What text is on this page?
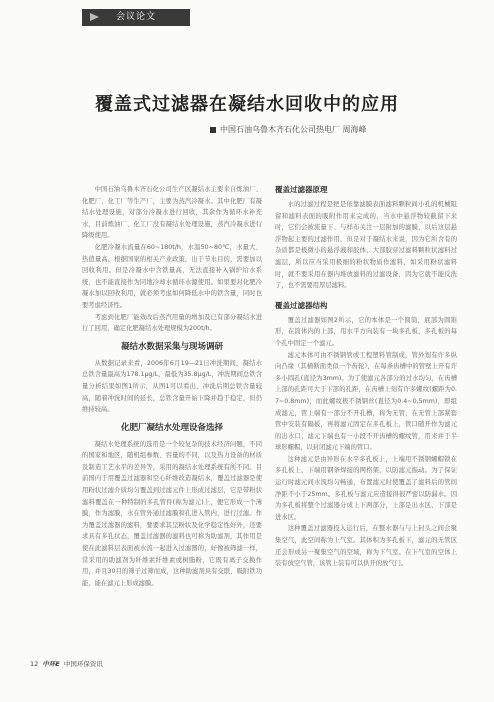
会议论文
覆盖式过滤器在凝结水回收中的应用
中国石油乌鲁木齐石化公司热电厂 周海峰

中国石油乌鲁木齐石化公司生产区凝结水主要来自炼油厂、化肥厂、化工厂等生产厂，主要为蒸汽冷凝水。其中化肥厂有凝结水处理设施，对部分冷凝水进行回收，其余作为循环水补充水，目前炼油厂、化工厂没有凝结水处理设施，蒸汽冷凝水进行降级使用。

化肥冷凝水流量在60~180t/h，水温50~80℃，水量大、热值量高。根据国家的相关产业政策，出于节水目的，需要加以回收利用。但是冷凝水中含铁量高，无法直接补入锅炉给水系统，也不能直接作为同地冷却水循环水源使用。如果要对化肥冷凝水加以回收利用，就必须考虑如何降低水中的铁含量，同时也要考虑经济性。

考虑到化肥厂能效改后蒸汽用量的增加及已有部分凝结水进行了回用，确定化肥凝结水处理规模为200t/h。

凝结水数据采集与现场调研

从数据记录来看，2006年6月19—21日冲洗期间，凝结水总铁含量最高为178.1μg/L，最低为35.8μg/L，冲洗期间总铁含量分析结果如图1所示，从图1可以看出，冲洗后期总铁含量较高，随着冲洗时间的延长，总铁含量开始下降并趋于稳定，但仍维持较高。

化肥厂凝结水处理设备选择

凝结水处理系统的选用是一个较复杂的技术经济问题，不同的国家和地区，随机组参数、容量的不同，以及热力设备的材质及制造工艺水平的差异等，采用的凝结水处理系统有所不同。目前国内于用覆盖过滤器和空心纤维改造凝结水，覆盖过滤器是使用粉状过滤介质均匀覆盖到过滤元件上形成过滤层，它是带粉状滤料覆盖在一种特制的多孔管件(称为滤元)上，便它形成一个薄膜，作为滤膜，水在管外通过滤膜和孔进入管内，进行过滤。作为覆盖过滤器的滤料，要要求其呈粉状及化学稳定性好外，还要求具有多孔状态，覆盖过滤器的滤料也可称为助滤剂，其作用是使在此滤料层表面被水流一起进入过滤器的，好像被筛滤一样，常采用的助滤剂为纤维素纤维素或树脂粉，它既有离子交换作用，并且30目的筛子过筛而成，这种助滤剂具有交联，吸附铁功能，能在滤元上形成滤膜。

覆盖过滤器原理

水的过滤过程是把是依靠滤膜表面滤料颗粒间小孔的机械阻留和滤料表面的吸附作用来完成的，当水中悬浮物较截留下来时，它们会被流量下、与样布关注一层附加的滤膜，以后这层悬浮物起主要的过滤作用，但是对于凝结水来说，因为它所含有的杂质都是极微小的悬浮液和胶体，大部胶穿过滤料颗粒状滤料过滤层，所以应当采用极细的粉状物质作滤料，如采用粉状滤料时，就不要采用在器内堆放滤料的过滤设备，因为它就不能反洗了，也不需要用厚层滤料。

覆盖过滤器结构

覆盖过滤器如图2所示，它的本体是一个圆筒，底部为圆锥形，在筒体内的上部，用水平方向装有一块多孔板，多孔板的每个孔中固定一个滤元。

滤元本体可由不锈钢管或工程塑料管制成，管外划有许多纵向凸缘（其横断面类似一个齿轮），在每条齿槽中的管壁上开有许多小圆孔(直径为3mm)。为了使滤元各部分的过水均匀，在齿槽上部的孔距可大于下部的孔距，在齿槽上刻有许多螺纹(螺距为0.7~0.8mm)，而此螺纹极不锈钢丝(直径为0.4~0.5mm)，即组成滤元，管上端有一部分不开孔槽，称为无管，在无管上部紧套管中安装有隔板，再将滤元固定在多孔板上，管口随开作为滤元的出水口；滤元下端也有一小段不开齿槽的螺纹管，用来并于半球形螺帽，以封闭滤元下端的管口。

这种滤元是由异形在水平多孔板上，上端用不锈钢螺帽锁在多孔板上，下端用钢条焊接的网格架，以防滤元振动。为了保证运行时滤元间水流均匀畅通，布置滤元时使覆盖了滤料后的管间净距不小于25mm。多孔板与滤元应造接得很严密以防漏水。因为多孔板将整个过滤器分成上下两部分，上部是出水区，下部是进水区。

这种覆盖过滤器投入运行后，在整水器与与上封头之间会聚集空气，此空间称为上气室。其体积为多孔板下，滤元的无管区还会形成另一聚集空气的空域，称为下气室。在下气室的空体上装有放空气管，该管上装有可以供开的放气门。

12 中环E 中国环保资讯
